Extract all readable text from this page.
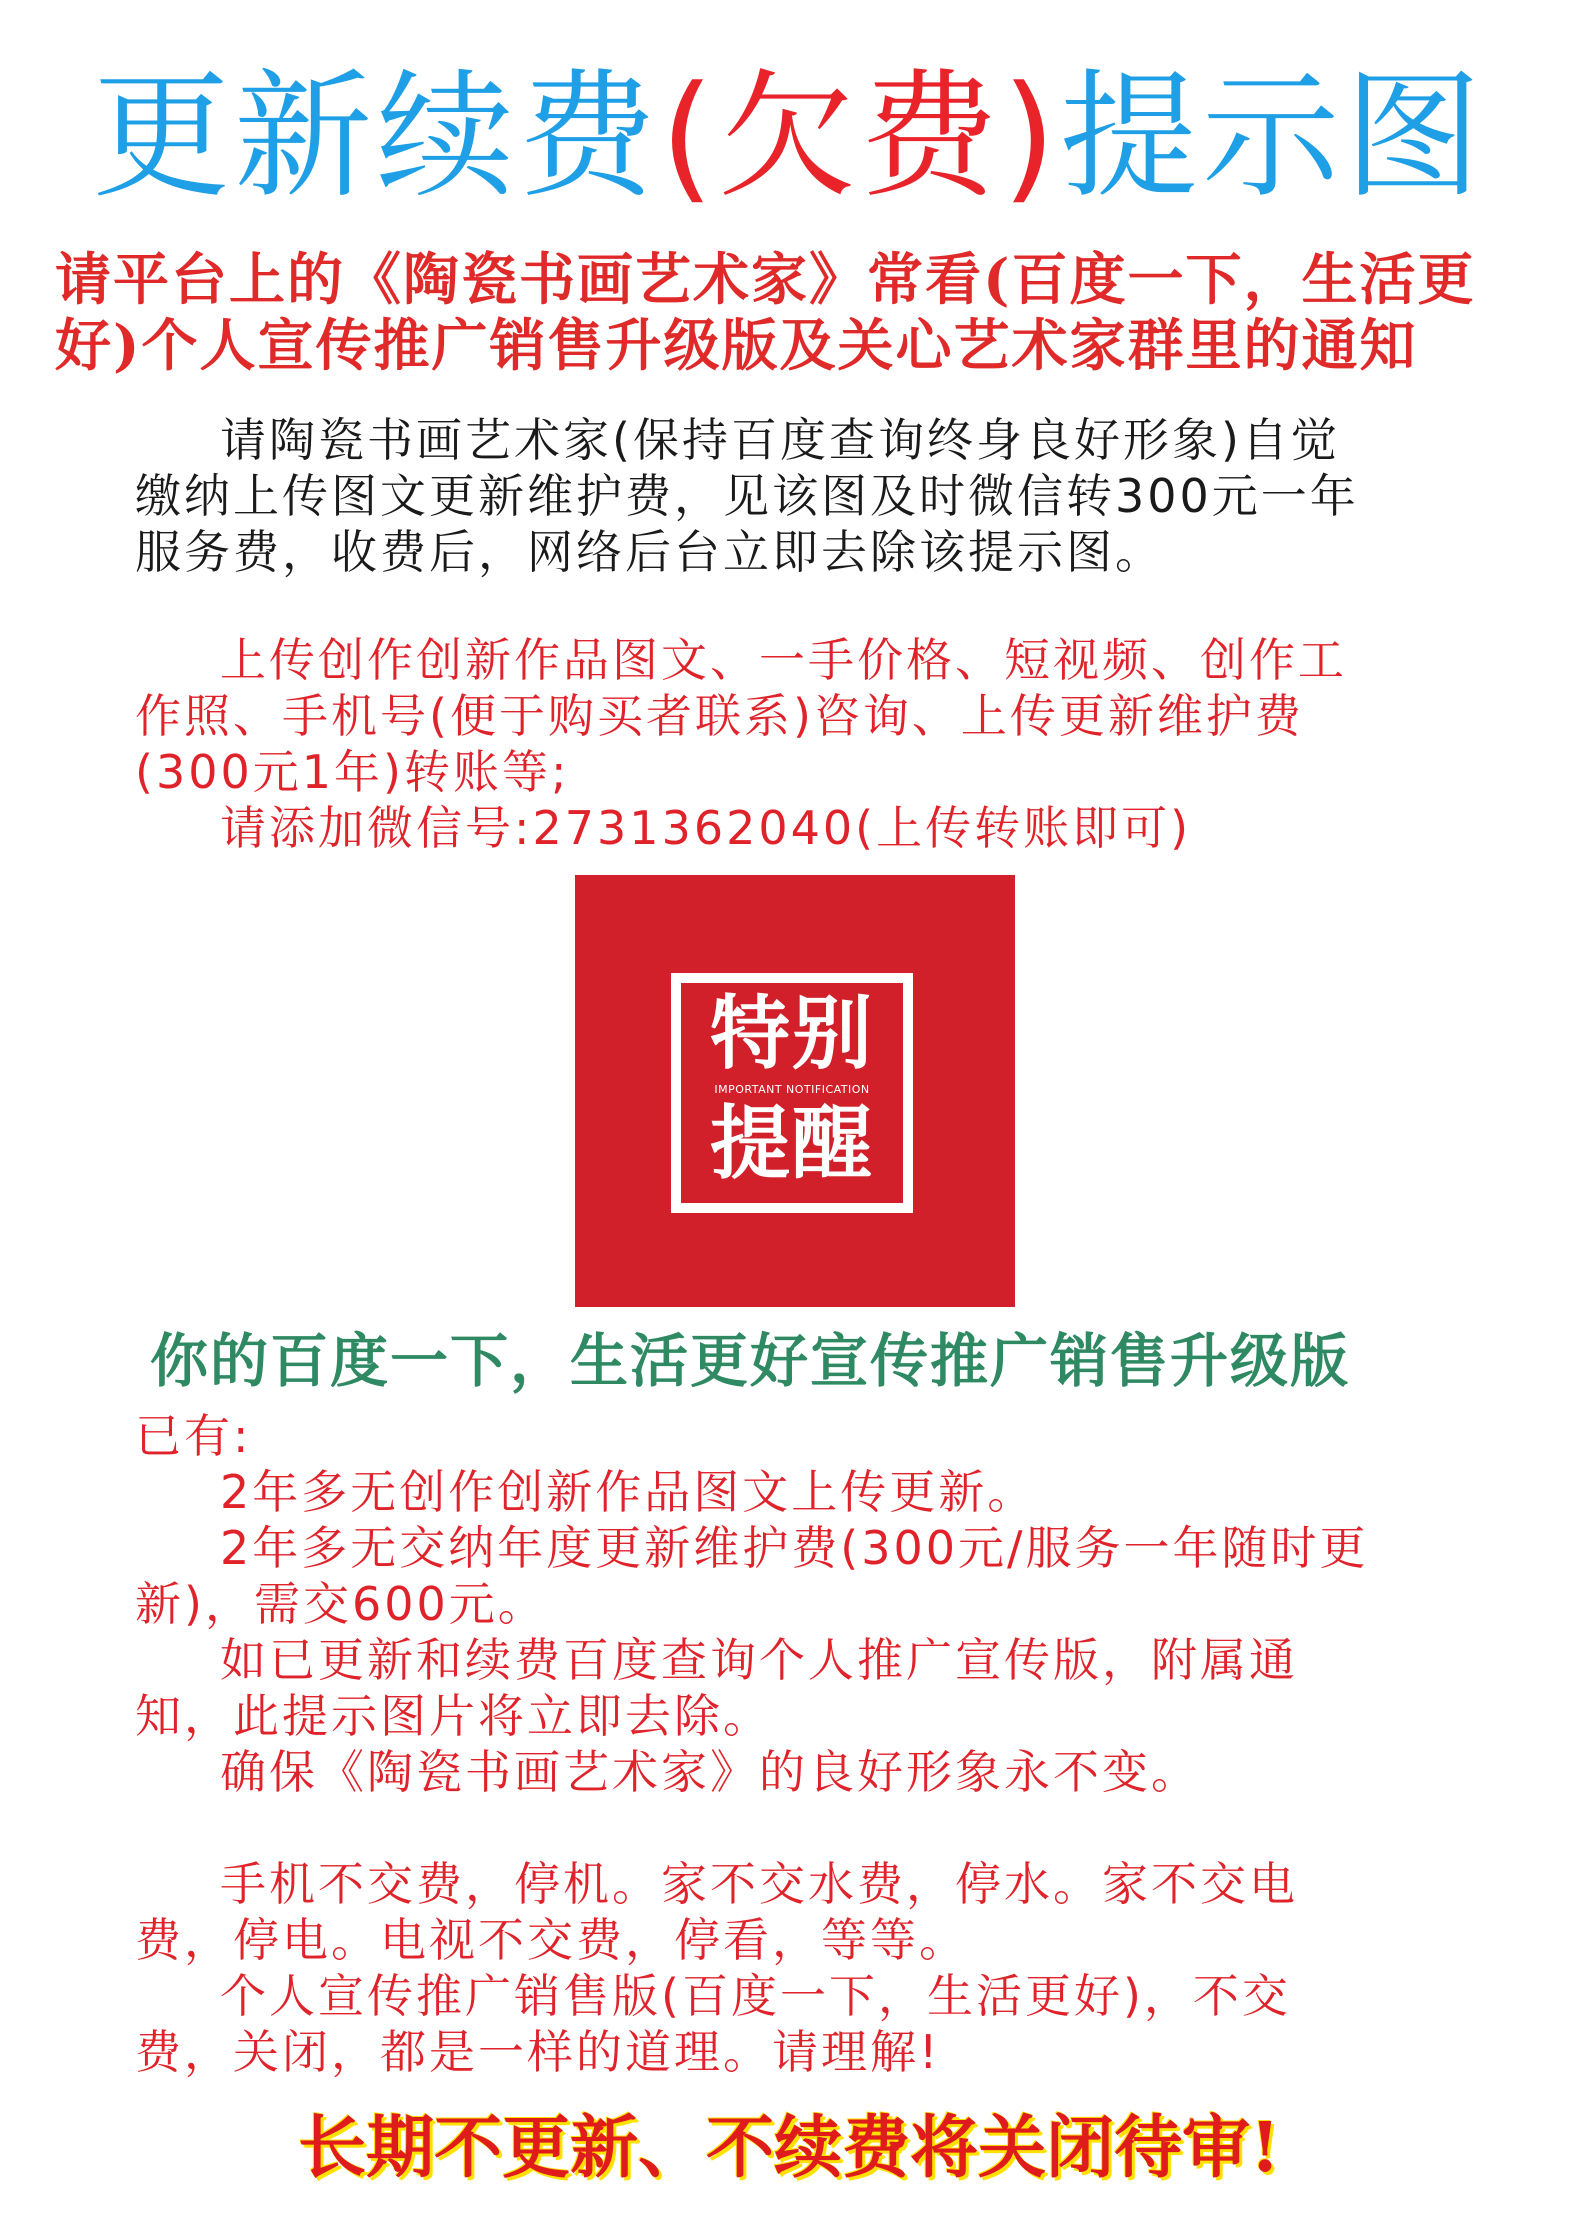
更新续费(欠费)提示图
请平台上的《陶瓷书画艺术家》常看(百度一下，生活更
好)个人宣传推广销售升级版及关心艺术家群里的通知
请陶瓷书画艺术家(保持百度查询终身良好形象)自觉
缴纳上传图文更新维护费，见该图及时微信转300元一年
服务费，收费后，网络后台立即去除该提示图。
上传创作创新作品图文、一手价格、短视频、创作工
作照、手机号(便于购买者联系)咨询、上传更新维护费
(300元1年)转账等;
请添加微信号:2731362040(上传转账即可)
特别
IMPORTANT NOTIFICATION
提醒
你的百度一下，生活更好宣传推广销售升级版
已有:
2年多无创作创新作品图文上传更新。
2年多无交纳年度更新维护费(300元/服务一年随时更
新)，需交600元。
如已更新和续费百度查询个人推广宣传版，附属通
知，此提示图片将立即去除。
确保《陶瓷书画艺术家》的良好形象永不变。
手机不交费，停机。家不交水费，停水。家不交电
费，停电。电视不交费，停看，等等。
个人宣传推广销售版(百度一下，生活更好)，不交
费，关闭，都是一样的道理。请理解!
长期不更新、不续费将关闭待审!
